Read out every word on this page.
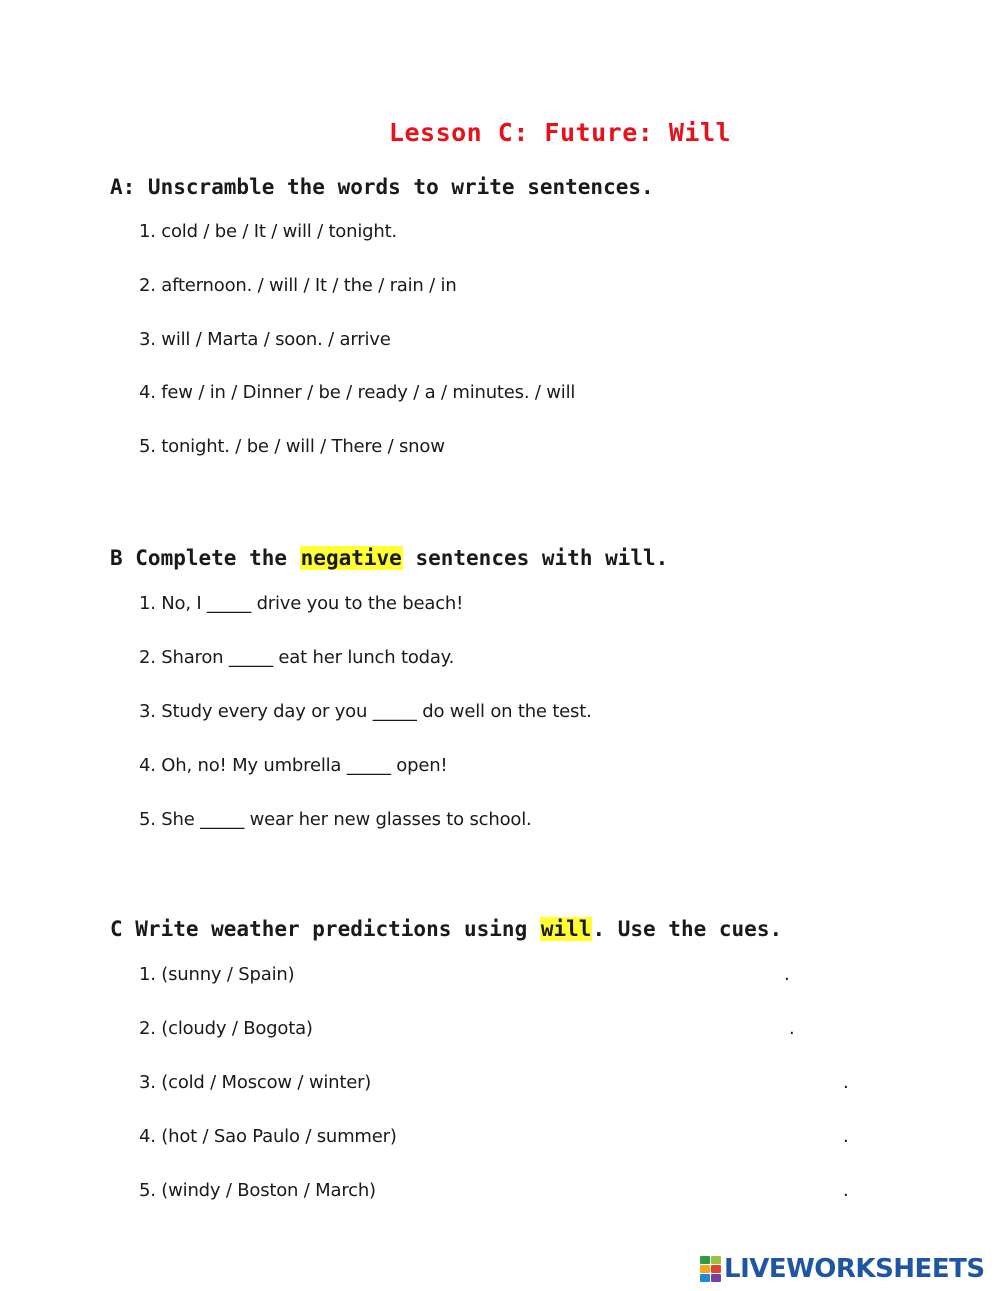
Lesson C: Future: Will
A: Unscramble the words to write sentences.
1. cold / be / It / will / tonight.
2. afternoon. / will / It / the / rain / in
3. will / Marta / soon. / arrive
4. few / in / Dinner / be / ready / a / minutes. / will
5. tonight. / be / will / There / snow
B Complete the negative sentences with will.
1. No, I _____ drive you to the beach!
2. Sharon _____ eat her lunch today.
3. Study every day or you _____ do well on the test.
4. Oh, no! My umbrella _____ open!
5. She _____ wear her new glasses to school.
C Write weather predictions using will. Use the cues.
1. (sunny / Spain)	.
2. (cloudy / Bogota)	.
3. (cold / Moscow / winter)	.
4. (hot / Sao Paulo / summer)	.
5. (windy / Boston / March)	.
LIVEWORKSHEETS
